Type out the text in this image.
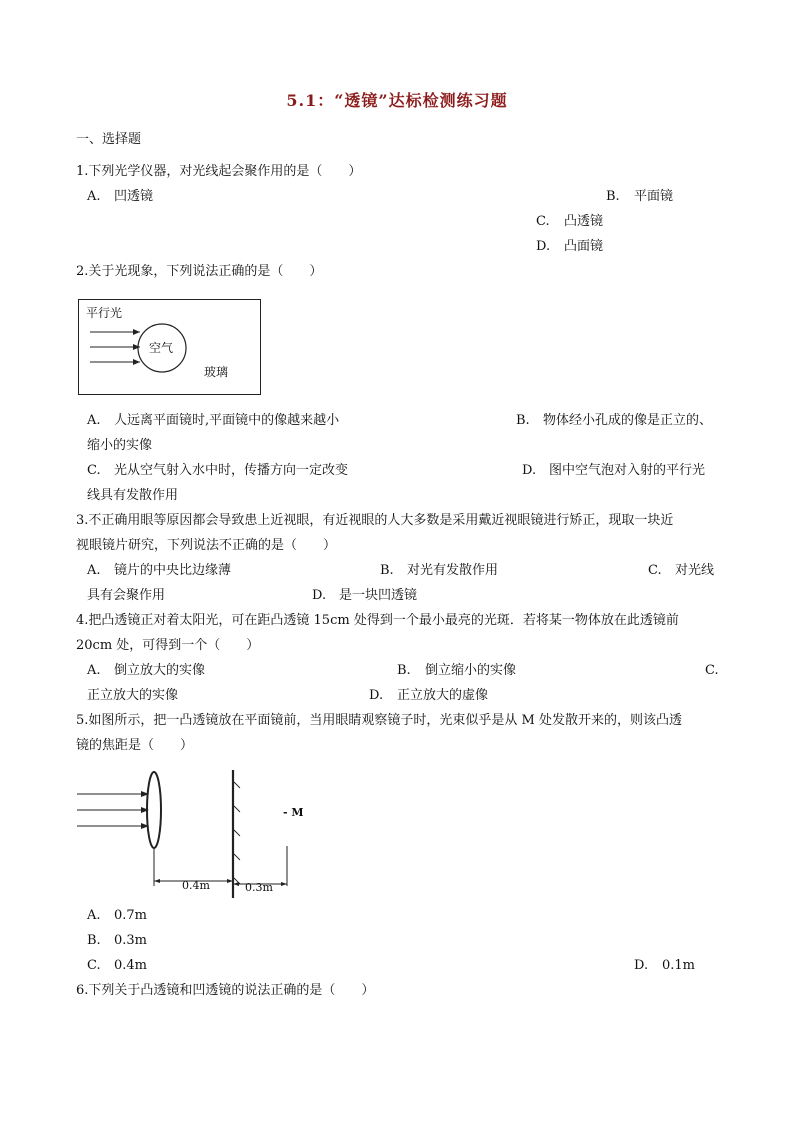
5.1：“透镜”达标检测练习题
一、选择题
1.下列光学仪器，对光线起会聚作用的是（　　）
A. 凹透镜	B. 平面镜
C. 凸透镜
D. 凸面镜
2.关于光现象，下列说法正确的是（　　）
平行光
空气
玻璃
A. 人远离平面镜时,平面镜中的像越来越小	B. 物体经小孔成的像是正立的、
缩小的实像
C. 光从空气射入水中时，传播方向一定改变	D. 图中空气泡对入射的平行光
线具有发散作用
3.不正确用眼等原因都会导致患上近视眼，有近视眼的人大多数是采用戴近视眼镜进行矫正，现取一块近
视眼镜片研究，下列说法不正确的是（　　）
A. 镜片的中央比边缘薄	B. 对光有发散作用	C. 对光线
具有会聚作用	D. 是一块凹透镜
4.把凸透镜正对着太阳光，可在距凸透镜 15cm 处得到一个最小最亮的光斑．若将某一物体放在此透镜前
20cm 处，可得到一个（　　）
A. 倒立放大的实像	B. 倒立缩小的实像	C.
正立放大的实像	D. 正立放大的虚像
5.如图所示，把一凸透镜放在平面镜前，当用眼睛观察镜子时，光束似乎是从 M 处发散开来的，则该凸透
镜的焦距是（　　）
- M
0.4m	0.3m
A. 0.7m
B. 0.3m
C. 0.4m	D. 0.1m
6.下列关于凸透镜和凹透镜的说法正确的是（　　）
